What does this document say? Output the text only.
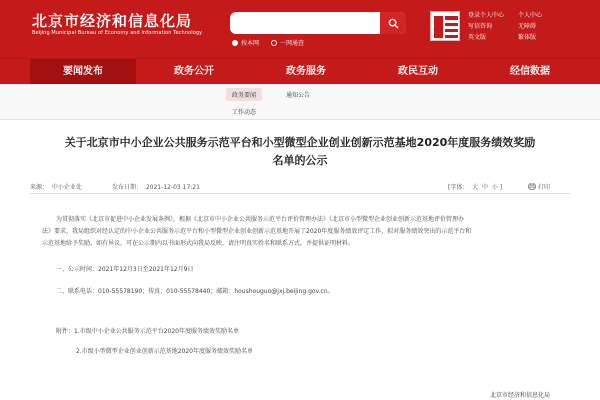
北京市经济和信息化局
Beijing Municipal Bureau of Economy and Information Technology
按本网	一网通查
登录个人中心	个人中心
写信咨询	无障碍
英文版	繁体版
要闻发布	政务公开	政务服务	政民互动	经信数据
政务要闻	通知公告
工作动态
关于北京市中小企业公共服务示范平台和小型微型企业创业创新示范基地2020年度服务绩效奖励
名单的公示
来源： 中小企业处	发布日期： 2021-12-03 17:21	[字体： 大 中 小 ]	打印
为贯彻落实《北京市促进中小企业发展条例》，根据《北京市中小企业公共服务示范平台评价管理办法》《北京市小型微型企业创业创新示范基地评价管理办
法》要求，我局组织对经认定的中小企业公共服务示范平台和小型微型企业创业创新示范基地开展了2020年度服务绩效评定工作，拟对服务绩效突出的示范平台和
示范基地给予奖励。如有异议，可在公示期内以书面形式向我局反映，请注明真实姓名和联系方式，并提供证明材料。
一、公示时间：2021年12月3日至2021年12月9日
二、联系电话：010-55578190；传真：010-55578440；邮箱：houshouguo@jxj.beijing.gov.cn。
附件：1.市级中小企业公共服务示范平台2020年度服务绩效奖励名单
2.市级小型微型企业创业创新示范基地2020年度服务绩效奖励名单
北京市经济和信息化局
